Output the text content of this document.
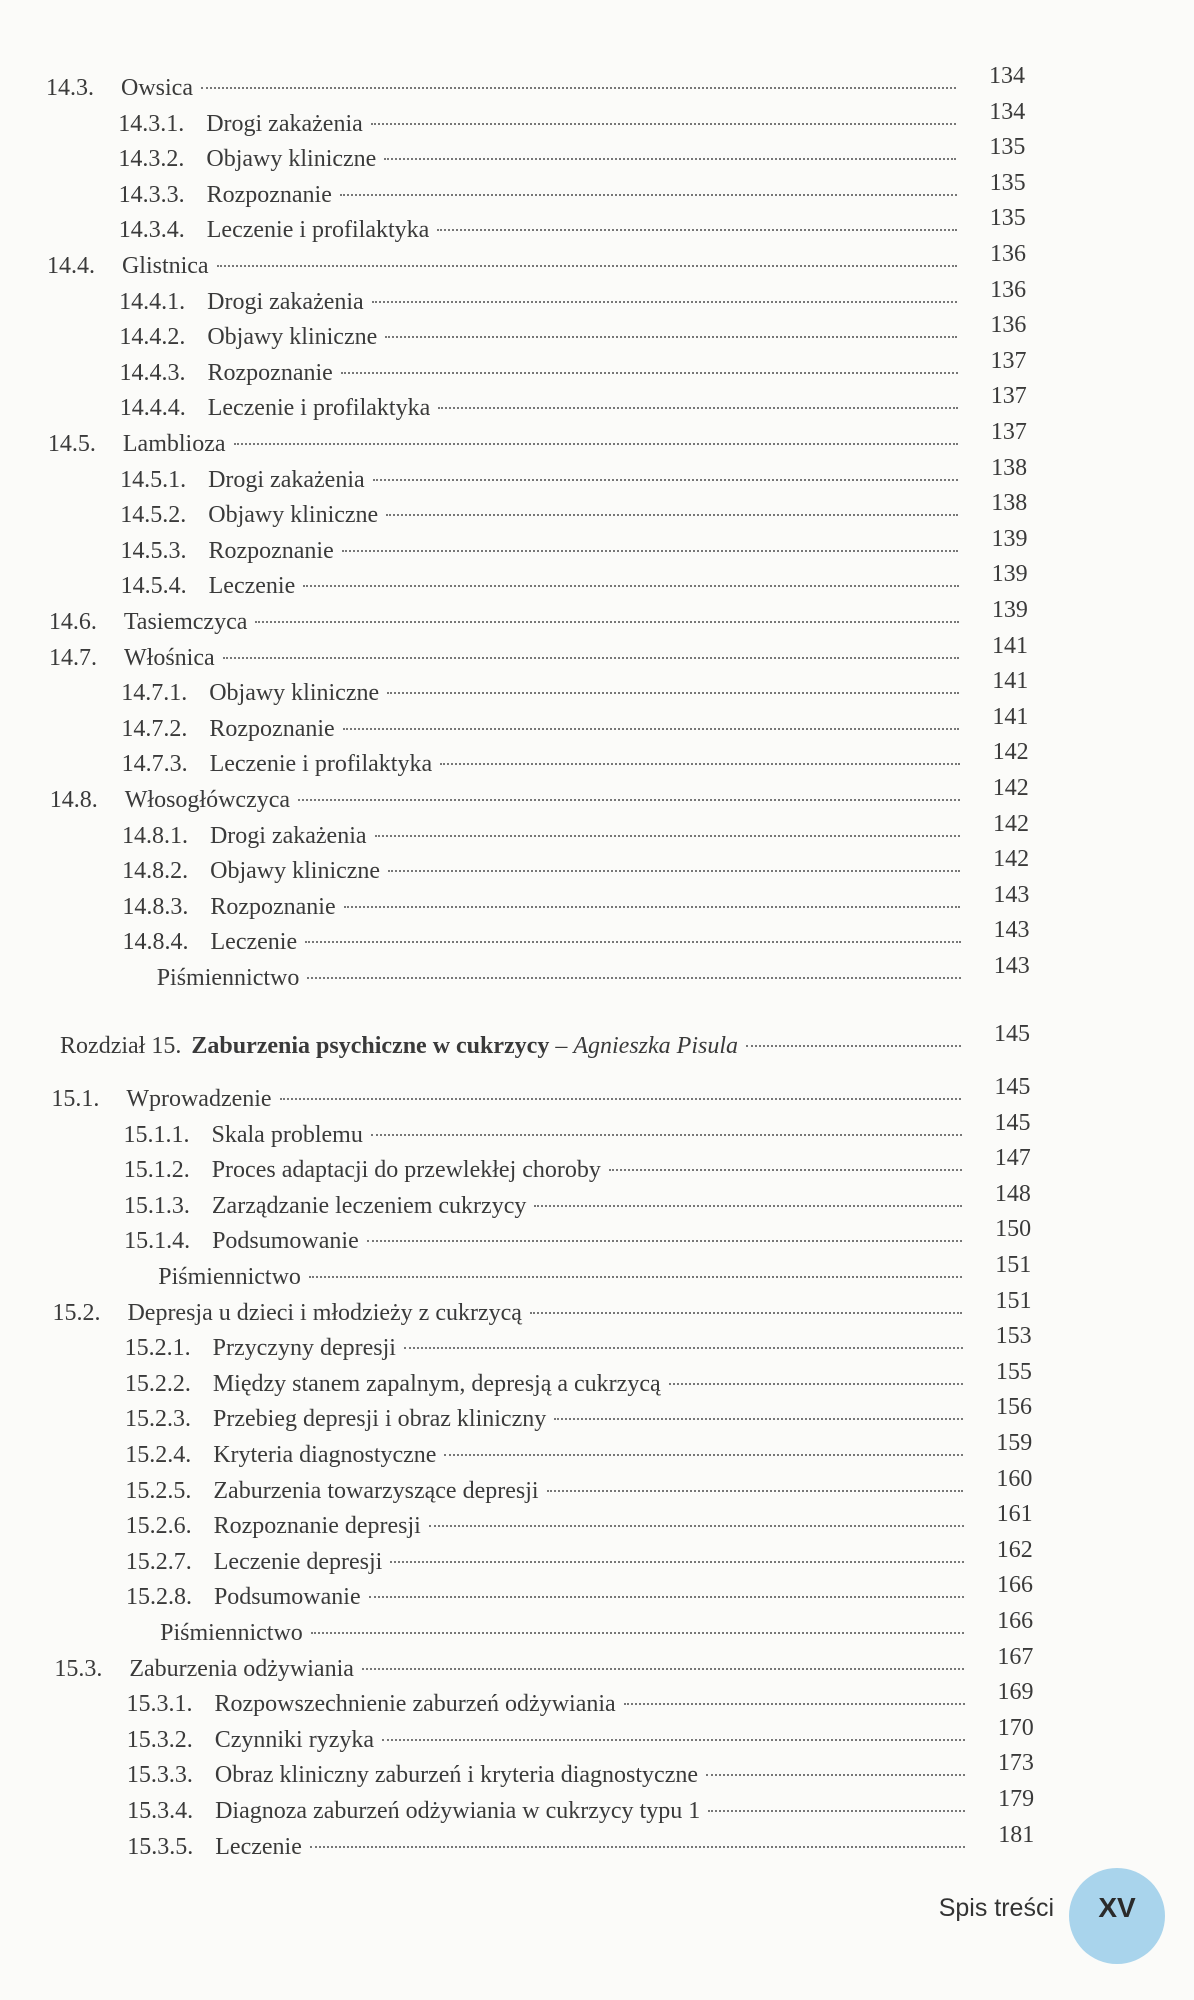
14.3.	Owsica	134
14.3.1. Drogi zakażenia	134
14.3.2. Objawy kliniczne	135
14.3.3. Rozpoznanie	135
14.3.4. Leczenie i profilaktyka	135
14.4.	Glistnica	136
14.4.1. Drogi zakażenia	136
14.4.2. Objawy kliniczne	136
14.4.3. Rozpoznanie	137
14.4.4. Leczenie i profilaktyka	137
14.5.	Lamblioza	137
14.5.1. Drogi zakażenia	138
14.5.2. Objawy kliniczne	138
14.5.3. Rozpoznanie	139
14.5.4. Leczenie	139
14.6.	Tasiemczyca	139
14.7.	Włośnica	141
14.7.1. Objawy kliniczne	141
14.7.2. Rozpoznanie	141
14.7.3. Leczenie i profilaktyka	142
14.8.	Włosogłówczyca	142
14.8.1. Drogi zakażenia	142
14.8.2. Objawy kliniczne	142
14.8.3. Rozpoznanie	143
14.8.4. Leczenie	143
Piśmiennictwo	143
Rozdział 15. Zaburzenia psychiczne w cukrzycy – Agnieszka Pisula	145
15.1.	Wprowadzenie	145
15.1.1. Skala problemu	145
15.1.2. Proces adaptacji do przewlekłej choroby	147
15.1.3. Zarządzanie leczeniem cukrzycy	148
15.1.4. Podsumowanie	150
Piśmiennictwo	151
15.2.	Depresja u dzieci i młodzieży z cukrzycą	151
15.2.1. Przyczyny depresji	153
15.2.2. Między stanem zapalnym, depresją a cukrzycą	155
15.2.3. Przebieg depresji i obraz kliniczny	156
15.2.4. Kryteria diagnostyczne	159
15.2.5. Zaburzenia towarzyszące depresji	160
15.2.6. Rozpoznanie depresji	161
15.2.7. Leczenie depresji	162
15.2.8. Podsumowanie	166
Piśmiennictwo	166
15.3.	Zaburzenia odżywiania	167
15.3.1. Rozpowszechnienie zaburzeń odżywiania	169
15.3.2. Czynniki ryzyka	170
15.3.3. Obraz kliniczny zaburzeń i kryteria diagnostyczne	173
15.3.4. Diagnoza zaburzeń odżywiania w cukrzycy typu 1	179
15.3.5. Leczenie	181
Spis treści	XV
